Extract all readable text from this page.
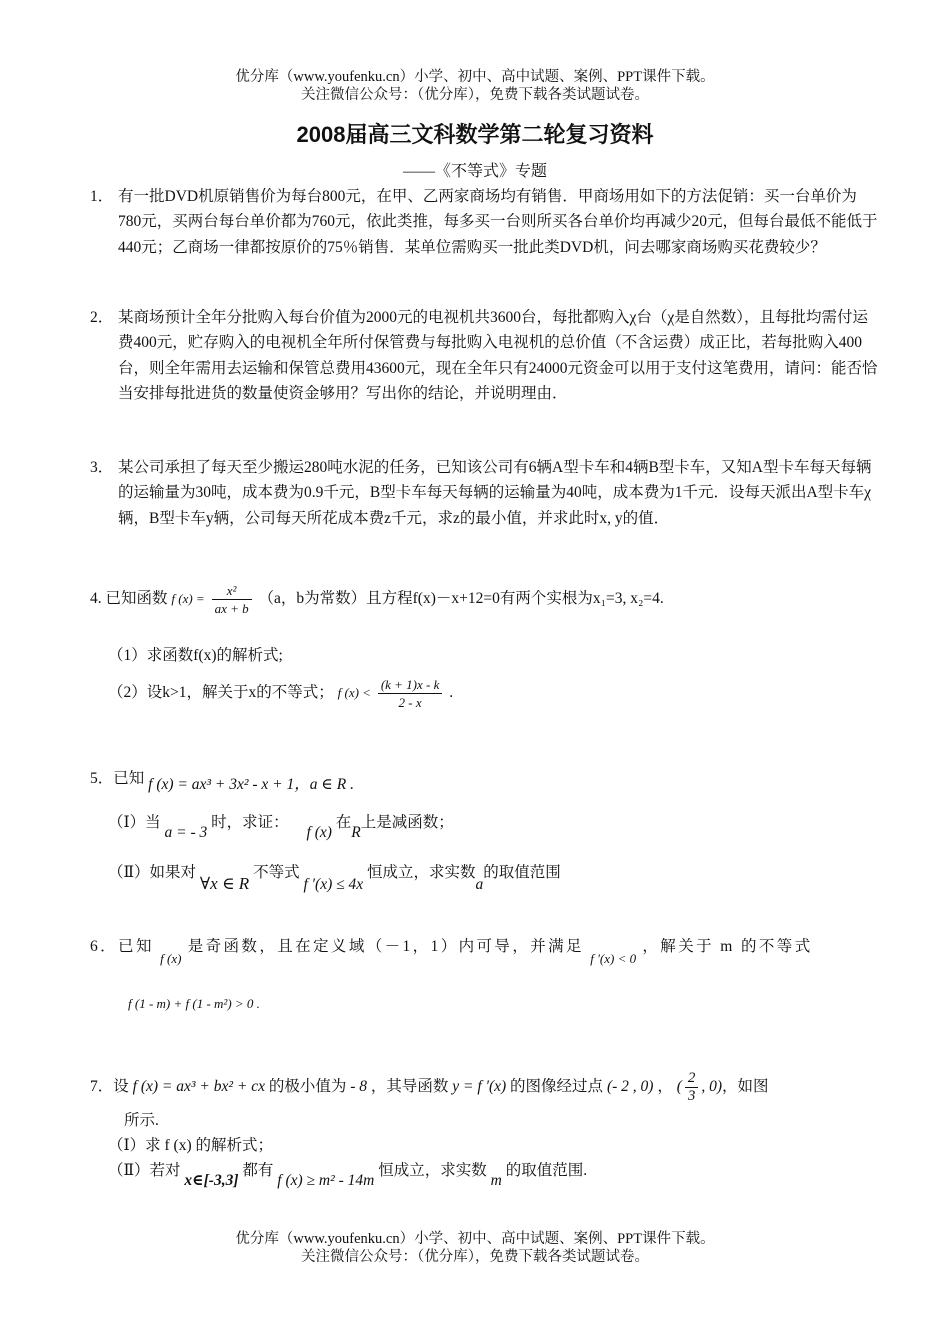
优分库（www.youfenku.cn）小学、初中、高中试题、案例、PPT课件下载。
关注微信公众号：（优分库），免费下载各类试题试卷。
2008届高三文科数学第二轮复习资料
——《不等式》专题
1． 有一批DVD机原销售价为每台800元，在甲、乙两家商场均有销售．甲商场用如下的方法促销：买一台单价为780元，买两台每台单价都为760元，依此类推，每多买一台则所买各台单价均再减少20元，但每台最低不能低于440元；乙商场一律都按原价的75％销售．某单位需购买一批此类DVD机，问去哪家商场购买花费较少？
2． 某商场预计全年分批购入每台价值为2000元的电视机共3600台，每批都购入χ台（χ是自然数），且每批均需付运费400元，贮存购入的电视机全年所付保管费与每批购入电视机的总价值（不含运费）成正比，若每批购入400台，则全年需用去运输和保管总费用43600元，现在全年只有24000元资金可以用于支付这笔费用，请问：能否恰当安排每批进货的数量使资金够用？写出你的结论，并说明理由．
3． 某公司承担了每天至少搬运280吨水泥的任务，已知该公司有6辆A型卡车和4辆B型卡车，又知A型卡车每天每辆的运输量为30吨，成本费为0.9千元，B型卡车每天每辆的运输量为40吨，成本费为1千元．设每天派出A型卡车χ辆，B型卡车y辆，公司每天所花成本费z千元，求z的最小值，并求此时x, y的值．
4. 已知函数 f $(x) = \frac{\text{x²}}{ax + b} (a$，b为常数）且方程f(x)－x+12=0有两个实根为x₁=3, x₂=4.
（1）求函数f(x)的解析式;
（2）设k>1，解关于x的不等式； f $(x) < \frac{(k + 1)x - k}{2 - x}$ .
5．已知 f (x) = ax³ + 3x² - x + 1，a ∈ R .
（Ⅰ）当 a = - 3 时，求证： f (x) 在R上是减函数；
（Ⅱ）如果对 ∀x ∈ R 不等式 f ′(x) ≤ 4x 恒成立，求实数a的取值范围
6．已知 $_{f (x)}$ 是奇函数，且在定义域（－1，1）内可导，并满足 $_{f '(x) < 0}$ ，解关于 m 的不等式
f (1 - m) + f (1 - m²) > 0 .
7．设 f (x) = ax³ + bx² + cx 的极小值为 - 8 ，其导函数 y = f ′(x) 的图像经过点 (- 2 , 0) ， ( $\frac{2}{3}$ , 0)，如图
所示.
（Ⅰ）求 f (x) 的解析式；
（Ⅱ）若对 x∈[-3,3] 都有 f (x) ≥ m² - 14m 恒成立，求实数 m 的取值范围.
优分库（www.youfenku.cn）小学、初中、高中试题、案例、PPT课件下载。
关注微信公众号：（优分库），免费下载各类试题试卷。
